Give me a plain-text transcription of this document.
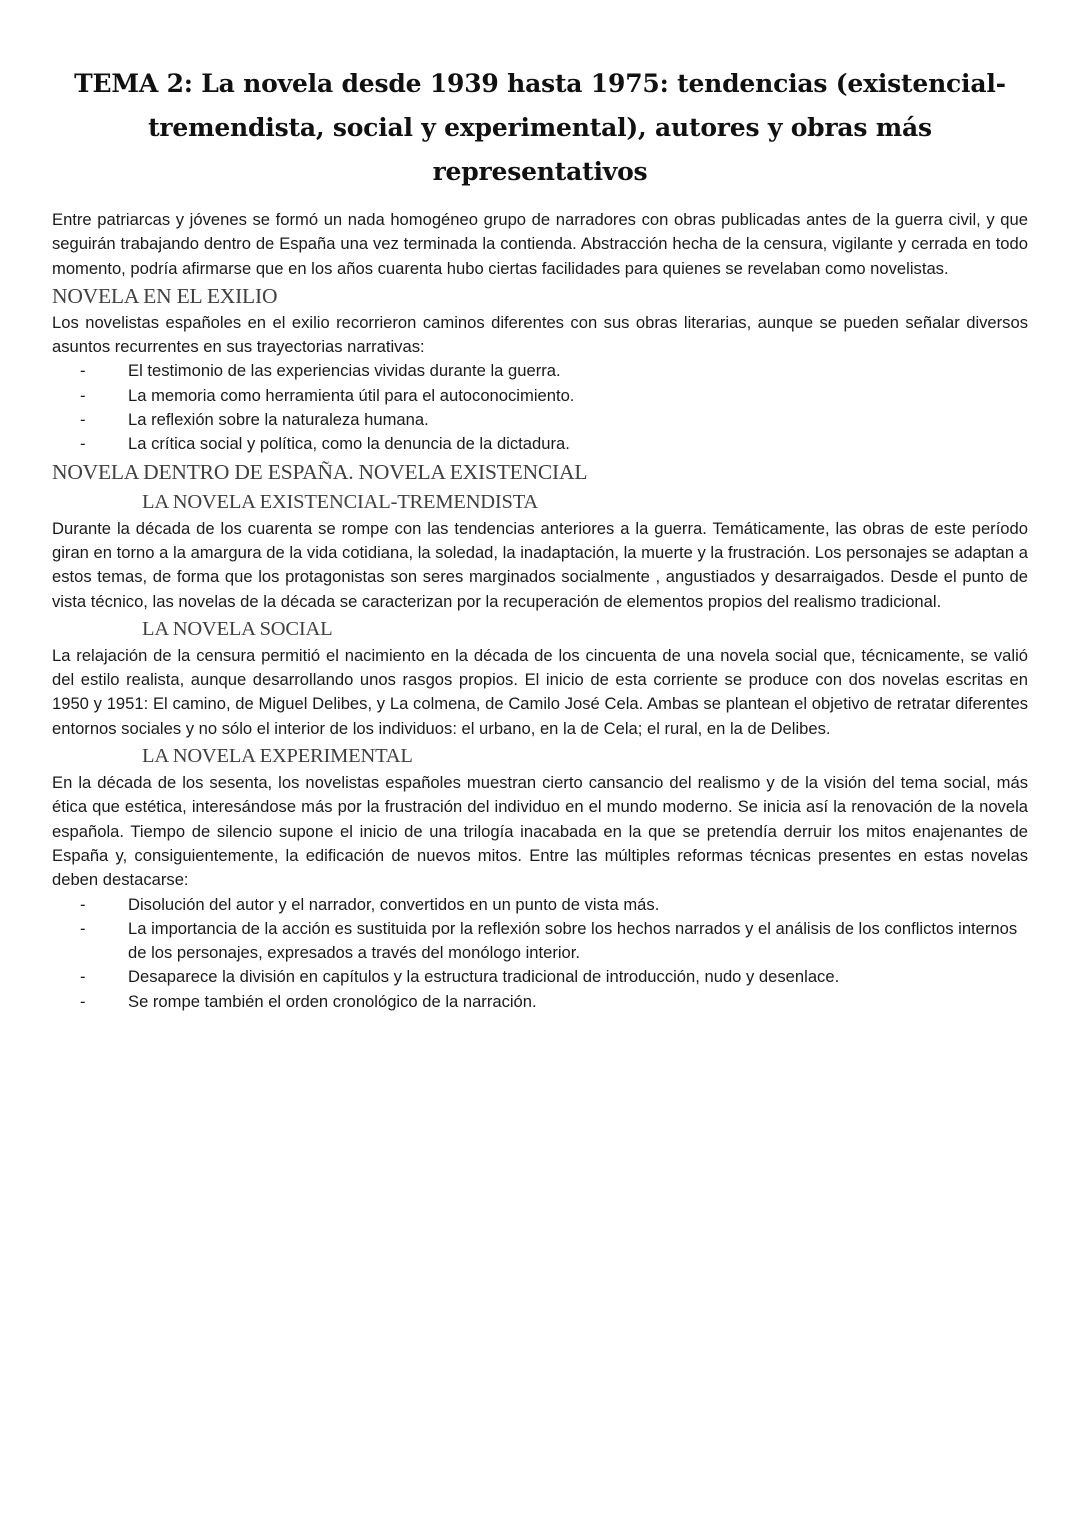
TEMA 2: La novela desde 1939 hasta 1975: tendencias (existencial-
tremendista, social y experimental), autores y obras más
representativos

Entre patriarcas y jóvenes se formó un nada homogéneo grupo de narradores con obras publicadas antes de la guerra civil, y que seguirán trabajando dentro de España una vez terminada la contienda. Abstracción hecha de la censura, vigilante y cerrada en todo momento, podría afirmarse que en los años cuarenta hubo ciertas facilidades para quienes se revelaban como novelistas.

NOVELA EN EL EXILIO

Los novelistas españoles en el exilio recorrieron caminos diferentes con sus obras literarias, aunque se pueden señalar diversos asuntos recurrentes en sus trayectorias narrativas:

-	El testimonio de las experiencias vividas durante la guerra.
-	La memoria como herramienta útil para el autoconocimiento.
-	La reflexión sobre la naturaleza humana.
-	La crítica social y política, como la denuncia de la dictadura.
NOVELA DENTRO DE ESPAÑA. NOVELA EXISTENCIAL
LA NOVELA EXISTENCIAL-TREMENDISTA

Durante la década de los cuarenta se rompe con las tendencias anteriores a la guerra. Temáticamente, las obras de este período giran en torno a la amargura de la vida cotidiana, la soledad, la inadaptación, la muerte y la frustración. Los personajes se adaptan a estos temas, de forma que los protagonistas son seres marginados socialmente , angustiados y desarraigados. Desde el punto de vista técnico, las novelas de la década se caracterizan por la recuperación de elementos propios del realismo tradicional.

LA NOVELA SOCIAL

La relajación de la censura permitió el nacimiento en la década de los cincuenta de una novela social que, técnicamente, se valió del estilo realista, aunque desarrollando unos rasgos propios. El inicio de esta corriente se produce con dos novelas escritas en 1950 y 1951: El camino, de Miguel Delibes, y La colmena, de Camilo José Cela. Ambas se plantean el objetivo de retratar diferentes entornos sociales y no sólo el interior de los individuos: el urbano, en la de Cela; el rural, en la de Delibes.

LA NOVELA EXPERIMENTAL

En la década de los sesenta, los novelistas españoles muestran cierto cansancio del realismo y de la visión del tema social, más ética que estética, interesándose más por la frustración del individuo en el mundo moderno. Se inicia así la renovación de la novela española. Tiempo de silencio supone el inicio de una trilogía inacabada en la que se pretendía derruir los mitos enajenantes de España y, consiguientemente, la edificación de nuevos mitos. Entre las múltiples reformas técnicas presentes en estas novelas deben destacarse:

-	Disolución del autor y el narrador, convertidos en un punto de vista más.
-	La importancia de la acción es sustituida por la reflexión sobre los hechos narrados y el análisis de los conflictos internos de los personajes, expresados a través del monólogo interior.
-	Desaparece la división en capítulos y la estructura tradicional de introducción, nudo y desenlace.
-	Se rompe también el orden cronológico de la narración.
